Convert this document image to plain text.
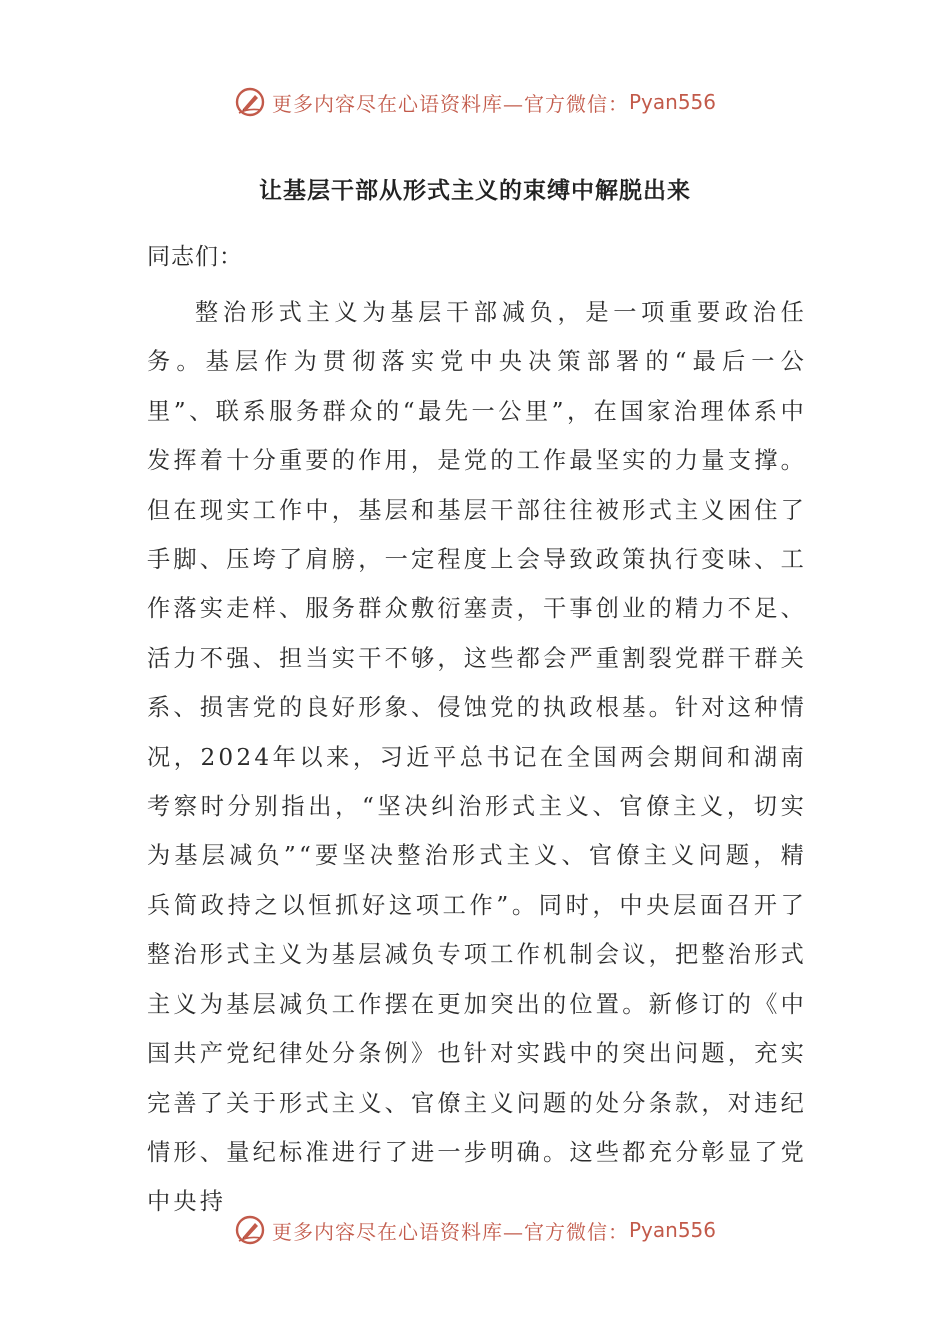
更多内容尽在心语资料库—官方微信： Pyan556
让基层干部从形式主义的束缚中解脱出来
同志们：

整治形式主义为基层干部减负，是一项重要政治任务。基层作为贯彻落实党中央决策部署的“最后一公里”、联系服务群众的“最先一公里”，在国家治理体系中发挥着十分重要的作用，是党的工作最坚实的力量支撑。但在现实工作中，基层和基层干部往往被形式主义困住了手脚、压垮了肩膀，一定程度上会导致政策执行变味、工作落实走样、服务群众敷衍塞责，干事创业的精力不足、活力不强、担当实干不够，这些都会严重割裂党群干群关系、损害党的良好形象、侵蚀党的执政根基。针对这种情况，2024年以来，习近平总书记在全国两会期间和湖南考察时分别指出，“坚决纠治形式主义、官僚主义，切实为基层减负”“要坚决整治形式主义、官僚主义问题，精兵简政持之以恒抓好这项工作”。同时，中央层面召开了整治形式主义为基层减负专项工作机制会议，把整治形式主义为基层减负工作摆在更加突出的位置。新修订的《中国共产党纪律处分条例》也针对实践中的突出问题，充实完善了关于形式主义、官僚主义问题的处分条款，对违纪情形、量纪标准进行了进一步明确。这些都充分彰显了党中央持

更多内容尽在心语资料库—官方微信： Pyan556
